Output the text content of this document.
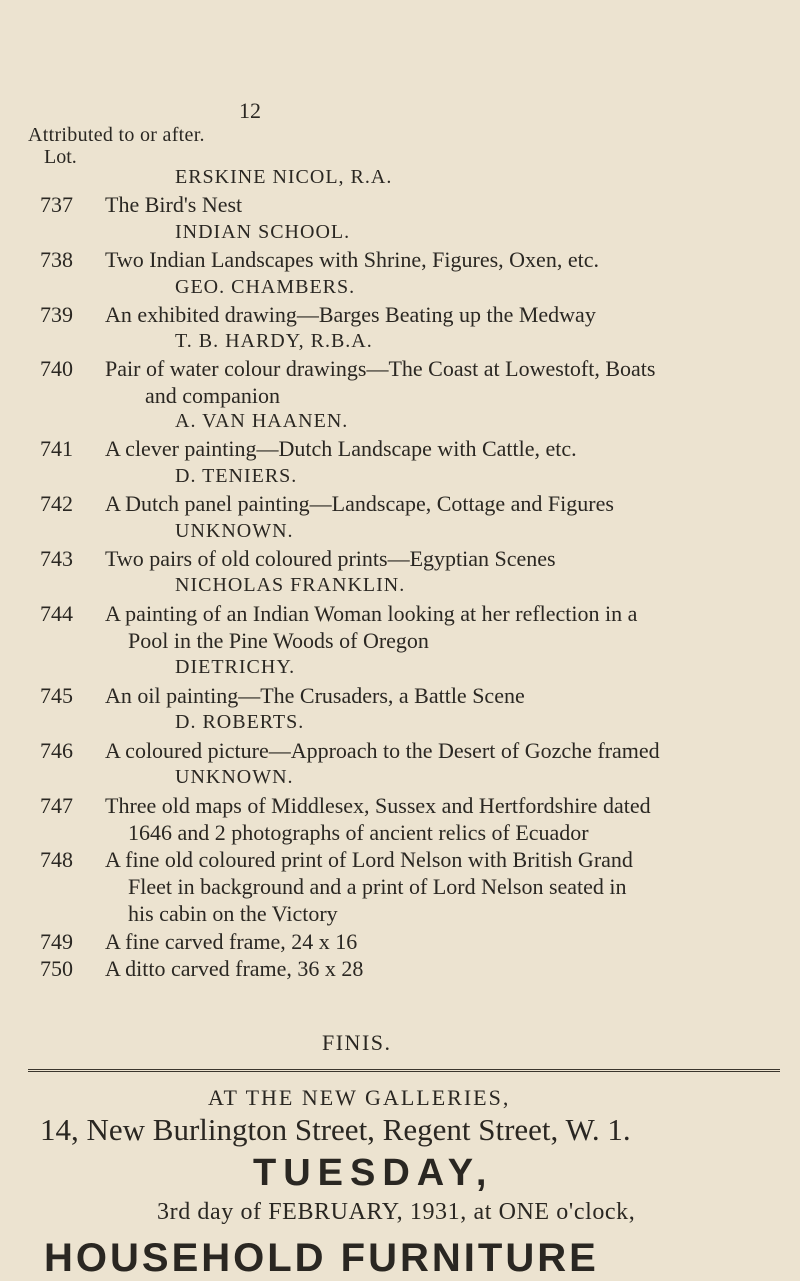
12
Attributed to or after.
Lot.
ERSKINE NICOL, R.A.
737 The Bird's Nest
INDIAN SCHOOL.
738 Two Indian Landscapes with Shrine, Figures, Oxen, etc.
GEO. CHAMBERS.
739 An exhibited drawing—Barges Beating up the Medway
T. B. HARDY, R.B.A.
740 Pair of water colour drawings—The Coast at Lowestoft, Boats
and companion
A. VAN HAANEN.
741 A clever painting—Dutch Landscape with Cattle, etc.
D. TENIERS.
742 A Dutch panel painting—Landscape, Cottage and Figures
UNKNOWN.
743 Two pairs of old coloured prints—Egyptian Scenes
NICHOLAS FRANKLIN.
744 A painting of an Indian Woman looking at her reflection in a
Pool in the Pine Woods of Oregon
DIETRICHY.
745 An oil painting—The Crusaders, a Battle Scene
D. ROBERTS.
746 A coloured picture—Approach to the Desert of Gozche framed
UNKNOWN.
747 Three old maps of Middlesex, Sussex and Hertfordshire dated
1646 and 2 photographs of ancient relics of Ecuador
748 A fine old coloured print of Lord Nelson with British Grand
Fleet in background and a print of Lord Nelson seated in
his cabin on the Victory
749 A fine carved frame, 24 x 16
750 A ditto carved frame, 36 x 28
FINIS.
AT THE NEW GALLERIES,
14, New Burlington Street, Regent Street, W. 1.
TUESDAY,
3rd day of FEBRUARY, 1931, at ONE o'clock,
HOUSEHOLD FURNITURE
